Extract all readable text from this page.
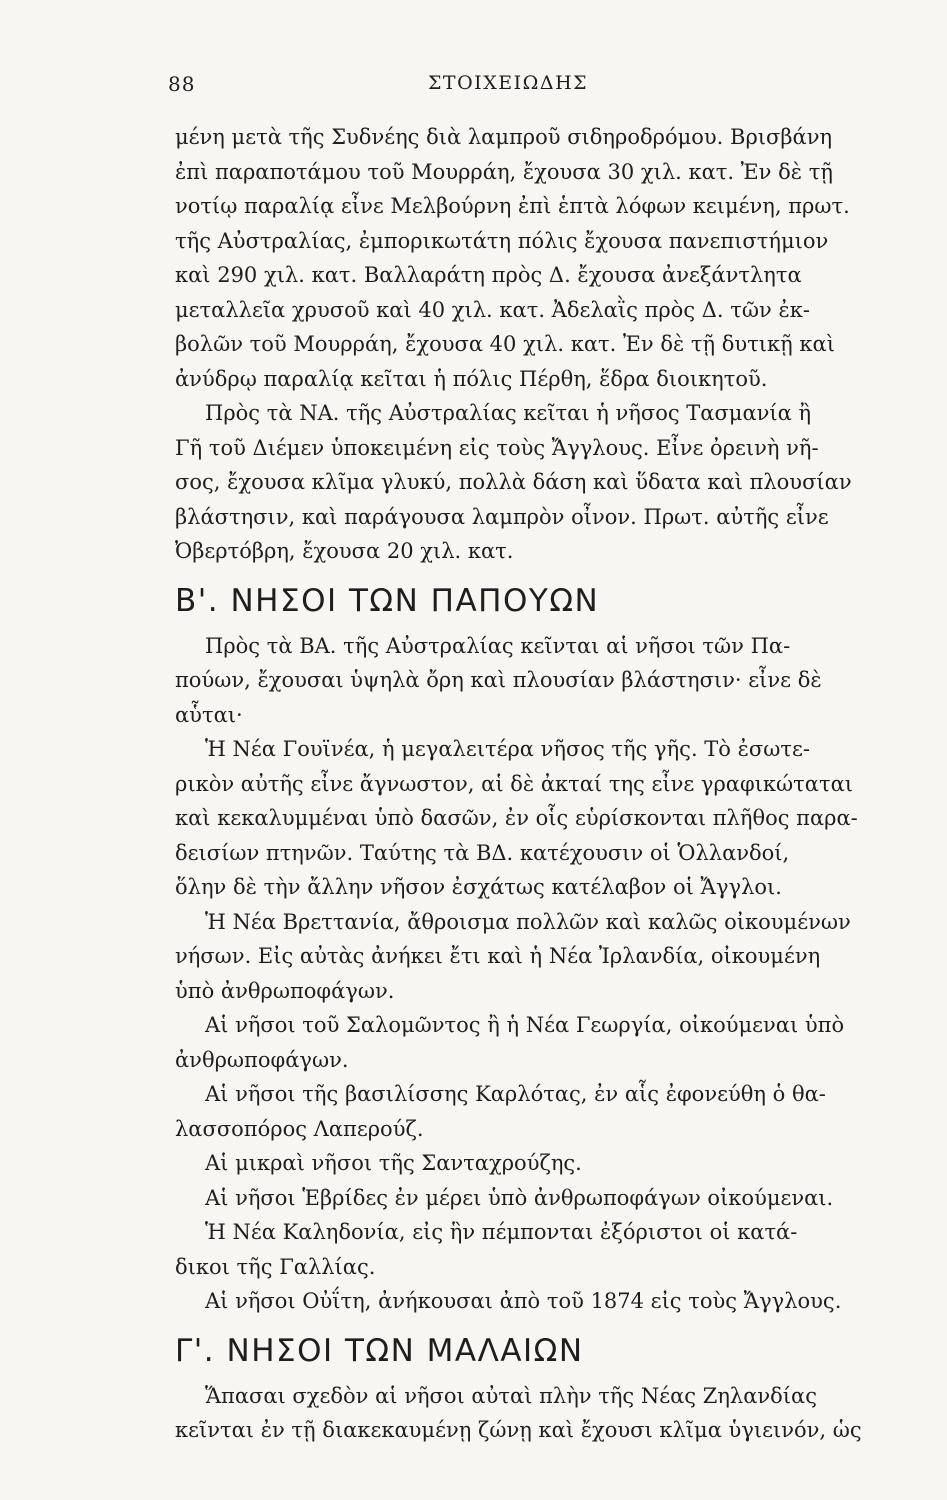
88	ΣΤΟΙΧΕΙΩΔΗΣ
μένη μετὰ τῆς Συδνέης διὰ λαμπροῦ σιδηροδρόμου. Βρισβάνη
ἐπὶ παραποτάμου τοῦ Μουρράη, ἔχουσα 30 χιλ. κατ. Ἐν δὲ τῇ
νοτίῳ παραλίᾳ εἶνε Μελβούρνη ἐπὶ ἑπτὰ λόφων κειμένη, πρωτ.
τῆς Αὐστραλίας, ἐμπορικωτάτη πόλις ἔχουσα πανεπιστήμιον
καὶ 290 χιλ. κατ. Βαλλαράτη πρὸς Δ. ἔχουσα ἀνεξάντλητα
μεταλλεῖα χρυσοῦ καὶ 40 χιλ. κατ. Ἀδελαῒς πρὸς Δ. τῶν ἐκ-
βολῶν τοῦ Μουρράη, ἔχουσα 40 χιλ. κατ. Ἐν δὲ τῇ δυτικῇ καὶ
ἀνύδρῳ παραλίᾳ κεῖται ἡ πόλις Πέρθη, ἕδρα διοικητοῦ.
Πρὸς τὰ ΝΑ. τῆς Αὐστραλίας κεῖται ἡ νῆσος Τασμανία ἢ
Γῆ τοῦ Διέμεν ὑποκειμένη εἰς τοὺς Ἄγγλους. Εἶνε ὀρεινὴ νῆ-
σος, ἔχουσα κλῖμα γλυκύ, πολλὰ δάση καὶ ὕδατα καὶ πλουσίαν
βλάστησιν, καὶ παράγουσα λαμπρὸν οἶνον. Πρωτ. αὐτῆς εἶνε
Ὀβερτόβρη, ἔχουσα 20 χιλ. κατ.
Β'. ΝΗΣΟΙ ΤΩΝ ΠΑΠΟΥΩΝ
Πρὸς τὰ ΒΑ. τῆς Αὐστραλίας κεῖνται αἱ νῆσοι τῶν Πα-
πούων, ἔχουσαι ὑψηλὰ ὄρη καὶ πλουσίαν βλάστησιν· εἶνε δὲ
αὗται·
Ἡ Νέα Γουϊνέα, ἡ μεγαλειτέρα νῆσος τῆς γῆς. Τὸ ἐσωτε-
ρικὸν αὐτῆς εἶνε ἄγνωστον, αἱ δὲ ἀκταί της εἶνε γραφικώταται
καὶ κεκαλυμμέναι ὑπὸ δασῶν, ἐν οἷς εὑρίσκονται πλῆθος παρα-
δεισίων πτηνῶν. Ταύτης τὰ ΒΔ. κατέχουσιν οἱ Ὁλλανδοί,
ὅλην δὲ τὴν ἄλλην νῆσον ἐσχάτως κατέλαβον οἱ Ἄγγλοι.
Ἡ Νέα Βρεττανία, ἄθροισμα πολλῶν καὶ καλῶς οἰκουμένων
νήσων. Εἰς αὐτὰς ἀνήκει ἔτι καὶ ἡ Νέα Ἰρλανδία, οἰκουμένη
ὑπὸ ἀνθρωποφάγων.
Αἱ νῆσοι τοῦ Σαλομῶντος ἢ ἡ Νέα Γεωργία, οἰκούμεναι ὑπὸ
ἀνθρωποφάγων.
Αἱ νῆσοι τῆς βασιλίσσης Καρλότας, ἐν αἷς ἐφονεύθη ὁ θα-
λασσοπόρος Λαπερούζ.
Αἱ μικραὶ νῆσοι τῆς Σανταχρούζης.
Αἱ νῆσοι Ἑβρίδες ἐν μέρει ὑπὸ ἀνθρωποφάγων οἰκούμεναι.
Ἡ Νέα Καληδονία, εἰς ἣν πέμπονται ἐξόριστοι οἱ κατά-
δικοι τῆς Γαλλίας.
Αἱ νῆσοι Οὐΐτη, ἀνήκουσαι ἀπὸ τοῦ 1874 εἰς τοὺς Ἄγγλους.
Γ'. ΝΗΣΟΙ ΤΩΝ ΜΑΛΑΙΩΝ
Ἅπασαι σχεδὸν αἱ νῆσοι αὐταὶ πλὴν τῆς Νέας Ζηλανδίας
κεῖνται ἐν τῇ διακεκαυμένῃ ζώνῃ καὶ ἔχουσι κλῖμα ὑγιεινόν, ὡς
